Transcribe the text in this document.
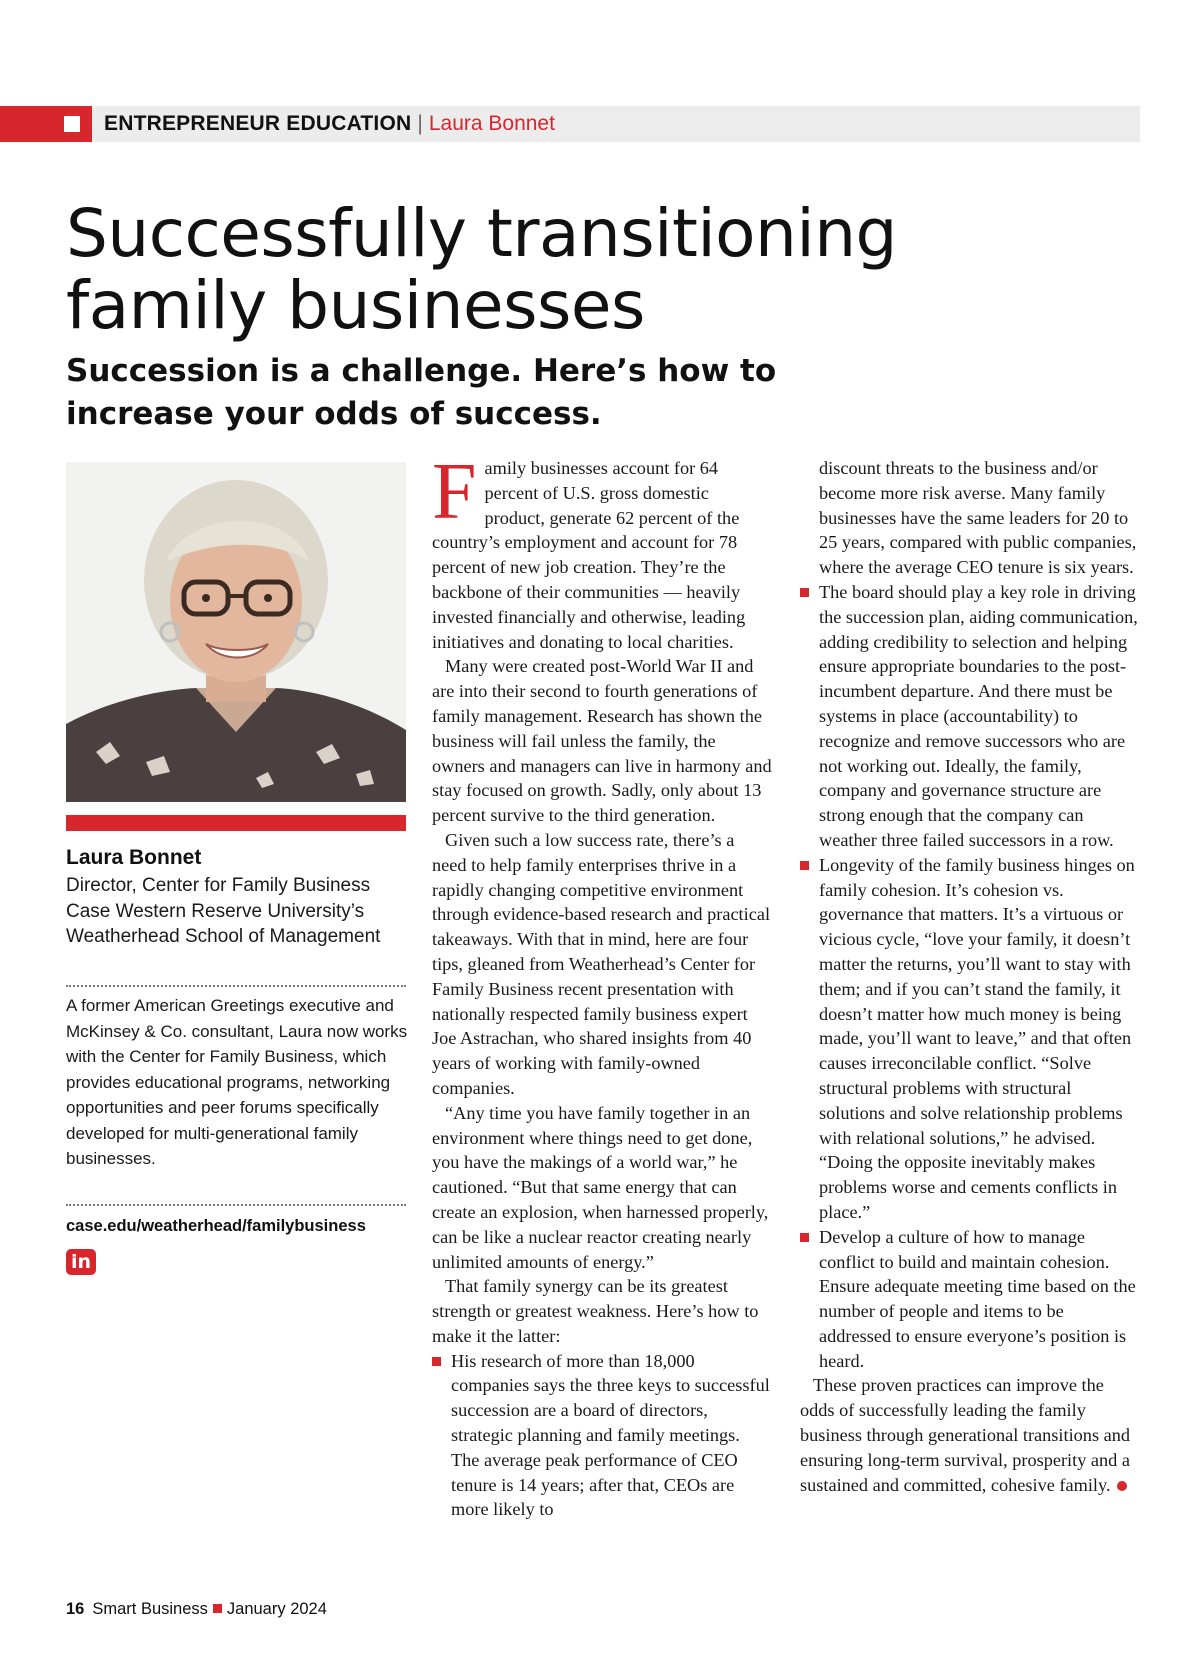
ENTREPRENEUR EDUCATION | Laura Bonnet
Successfully transitioning family businesses
Succession is a challenge. Here’s how to increase your odds of success.

Laura Bonnet

Director, Center for Family Business Case Western Reserve University’s Weatherhead School of Management

A former American Greetings executive and McKinsey & Co. consultant, Laura now works with the Center for Family Business, which provides educational programs, networking opportunities and peer forums specifically developed for multi-generational family businesses.

case.edu/weatherhead/familybusiness

in

Family businesses account for 64 percent of U.S. gross domestic product, generate 62 percent of the country’s employment and account for 78 percent of new job creation. They’re the backbone of their communities — heavily invested financially and otherwise, leading initiatives and donating to local charities.

Many were created post-World War II and are into their second to fourth generations of family management. Research has shown the business will fail unless the family, the owners and managers can live in harmony and stay focused on growth. Sadly, only about 13 percent survive to the third generation.

Given such a low success rate, there’s a need to help family enterprises thrive in a rapidly changing competitive environment through evidence-based research and practical takeaways. With that in mind, here are four tips, gleaned from Weatherhead’s Center for Family Business recent presentation with nationally respected family business expert Joe Astrachan, who shared insights from 40 years of working with family-owned companies.

“Any time you have family together in an environment where things need to get done, you have the makings of a world war,” he cautioned. “But that same energy that can create an explosion, when harnessed properly, can be like a nuclear reactor creating nearly unlimited amounts of energy.”

That family synergy can be its greatest strength or greatest weakness. Here’s how to make it the latter:

His research of more than 18,000 companies says the three keys to successful succession are a board of directors, strategic planning and family meetings. The average peak performance of CEO tenure is 14 years; after that, CEOs are more likely to

discount threats to the business and/or become more risk averse. Many family businesses have the same leaders for 20 to 25 years, compared with public companies, where the average CEO tenure is six years.

The board should play a key role in driving the succession plan, aiding communication, adding credibility to selection and helping ensure appropriate boundaries to the post-incumbent departure. And there must be systems in place (accountability) to recognize and remove successors who are not working out. Ideally, the family, company and governance structure are strong enough that the company can weather three failed successors in a row.

Longevity of the family business hinges on family cohesion. It’s cohesion vs. governance that matters. It’s a virtuous or vicious cycle, “love your family, it doesn’t matter the returns, you’ll want to stay with them; and if you can’t stand the family, it doesn’t matter how much money is being made, you’ll want to leave,” and that often causes irreconcilable conflict. “Solve structural problems with structural solutions and solve relationship problems with relational solutions,” he advised. “Doing the opposite inevitably makes problems worse and cements conflicts in place.”

Develop a culture of how to manage conflict to build and maintain cohesion. Ensure adequate meeting time based on the number of people and items to be addressed to ensure everyone’s position is heard.

These proven practices can improve the odds of successfully leading the family business through generational transitions and ensuring long-term survival, prosperity and a sustained and committed, cohesive family.

16 Smart Business January 2024
